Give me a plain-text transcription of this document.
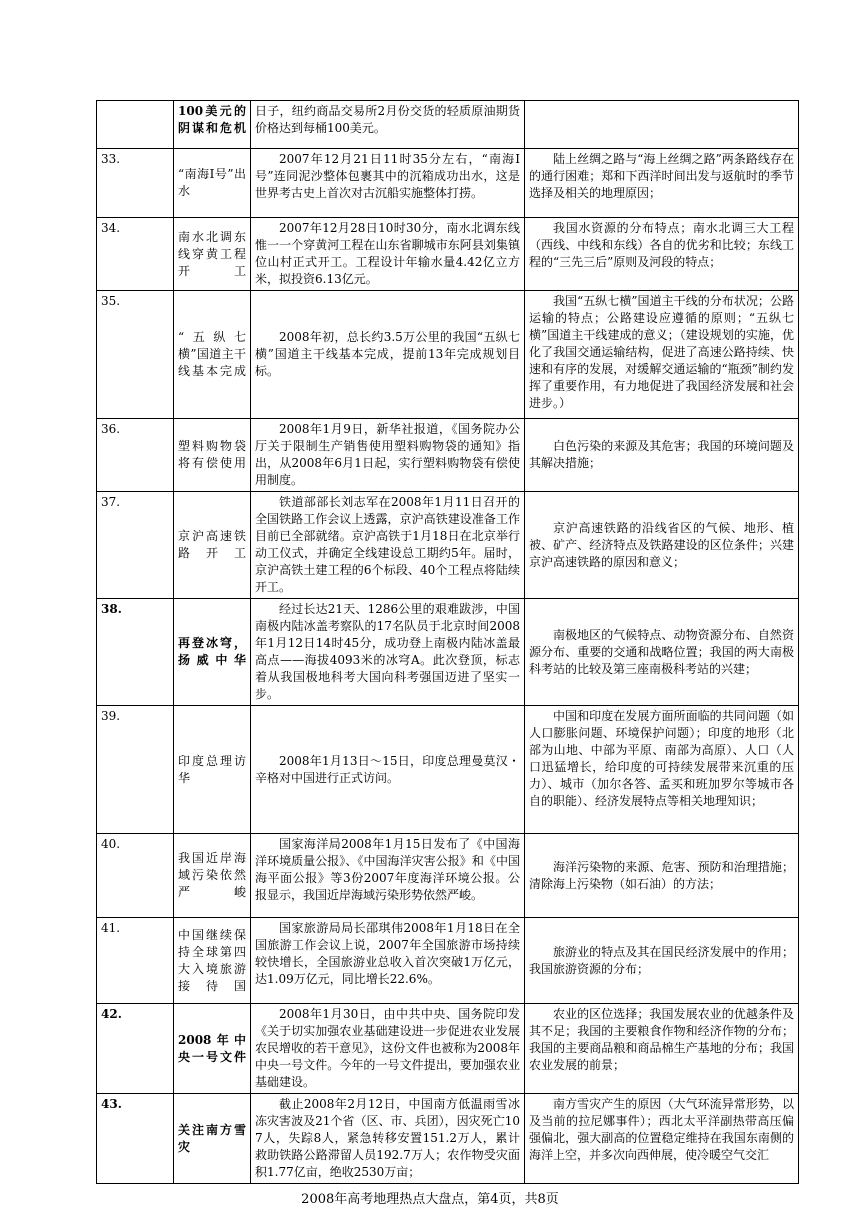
	100美元的阴谋和危机	日子，纽约商品交易所2月份交货的轻质原油期货价格达到每桶100美元。	
33.	“南海Ⅰ号”出水	2007年12月21日11时35分左右，“南海Ⅰ号”连同泥沙整体包裹其中的沉箱成功出水，这是世界考古史上首次对古沉船实施整体打捞。	陆上丝绸之路与“海上丝绸之路”两条路线存在的通行困难；郑和下西洋时间出发与返航时的季节选择及相关的地理原因；
34.	南水北调东线穿黄工程开工	2007年12月28日10时30分，南水北调东线惟一一个穿黄河工程在山东省聊城市东阿县刘集镇位山村正式开工。工程设计年输水量4.42亿立方米，拟投资6.13亿元。	我国水资源的分布特点；南水北调三大工程（西线、中线和东线）各自的优劣和比较；东线工程的“三先三后”原则及河段的特点；
35.	“五纵七横”国道主干线基本完成	2008年初，总长约3.5万公里的我国“五纵七横”国道主干线基本完成，提前13年完成规划目标。	我国“五纵七横”国道主干线的分布状况；公路运输的特点；公路建设应遵循的原则；“五纵七横”国道主干线建成的意义；（建设规划的实施，优化了我国交通运输结构，促进了高速公路持续、快速和有序的发展，对缓解交通运输的“瓶颈”制约发挥了重要作用，有力地促进了我国经济发展和社会进步。）
36.	塑料购物袋将有偿使用	2008年1月9日，新华社报道，《国务院办公厅关于限制生产销售使用塑料购物袋的通知》指出，从2008年6月1日起，实行塑料购物袋有偿使用制度。	白色污染的来源及其危害；我国的环境问题及其解决措施；
37.	京沪高速铁路开工	铁道部部长刘志军在2008年1月11日召开的全国铁路工作会议上透露，京沪高铁建设准备工作目前已全部就绪。京沪高铁于1月18日在北京举行动工仪式，并确定全线建设总工期约5年。届时，京沪高铁土建工程的6个标段、40个工程点将陆续开工。	京沪高速铁路的沿线省区的气候、地形、植被、矿产、经济特点及铁路建设的区位条件；兴建京沪高速铁路的原因和意义；
38.	再登冰穹，扬威中华	经过长达21天、1286公里的艰难跋涉，中国南极内陆冰盖考察队的17名队员于北京时间2008年1月12日14时45分，成功登上南极内陆冰盖最高点——海拔4093米的冰穹A。此次登顶，标志着从我国极地科考大国向科考强国迈进了坚实一步。	南极地区的气候特点、动物资源分布、自然资源分布、重要的交通和战略位置；我国的两大南极科考站的比较及第三座南极科考站的兴建；
39.	印度总理访华	2008年1月13日～15日，印度总理曼莫汉・辛格对中国进行正式访问。	中国和印度在发展方面所面临的共同问题（如人口膨胀问题、环境保护问题）；印度的地形（北部为山地、中部为平原、南部为高原）、人口（人口迅猛增长，给印度的可持续发展带来沉重的压力）、城市（加尔各答、孟买和班加罗尔等城市各自的职能）、经济发展特点等相关地理知识；
40.	我国近岸海域污染依然严峻	国家海洋局2008年1月15日发布了《中国海洋环境质量公报》、《中国海洋灾害公报》和《中国海平面公报》等3份2007年度海洋环境公报。公报显示，我国近岸海域污染形势依然严峻。	海洋污染物的来源、危害、预防和治理措施；清除海上污染物（如石油）的方法；
41.	中国继续保持全球第四大入境旅游接待国	国家旅游局局长邵琪伟2008年1月18日在全国旅游工作会议上说，2007年全国旅游市场持续较快增长，全国旅游业总收入首次突破1万亿元，达1.09万亿元，同比增长22.6%。	旅游业的特点及其在国民经济发展中的作用；我国旅游资源的分布；
42.	2008年中央一号文件	2008年1月30日，由中共中央、国务院印发《关于切实加强农业基础建设进一步促进农业发展农民增收的若干意见》，这份文件也被称为2008年中央一号文件。今年的一号文件提出，要加强农业基础建设。	农业的区位选择；我国发展农业的优越条件及其不足；我国的主要粮食作物和经济作物的分布；我国的主要商品粮和商品棉生产基地的分布；我国农业发展的前景；
43.	关注南方雪灾	截止2008年2月12日，中国南方低温雨雪冰冻灾害波及21个省（区、市、兵团），因灾死亡107人，失踪8人，紧急转移安置151.2万人，累计救助铁路公路滞留人员192.7万人；农作物受灾面积1.77亿亩，绝收2530万亩；	南方雪灾产生的原因（大气环流异常形势，以及当前的拉尼娜事件）；西北太平洋副热带高压偏强偏北，强大副高的位置稳定维持在我国东南侧的海洋上空，并多次向西伸展，使冷暖空气交汇
2008年高考地理热点大盘点，第4页，共8页
